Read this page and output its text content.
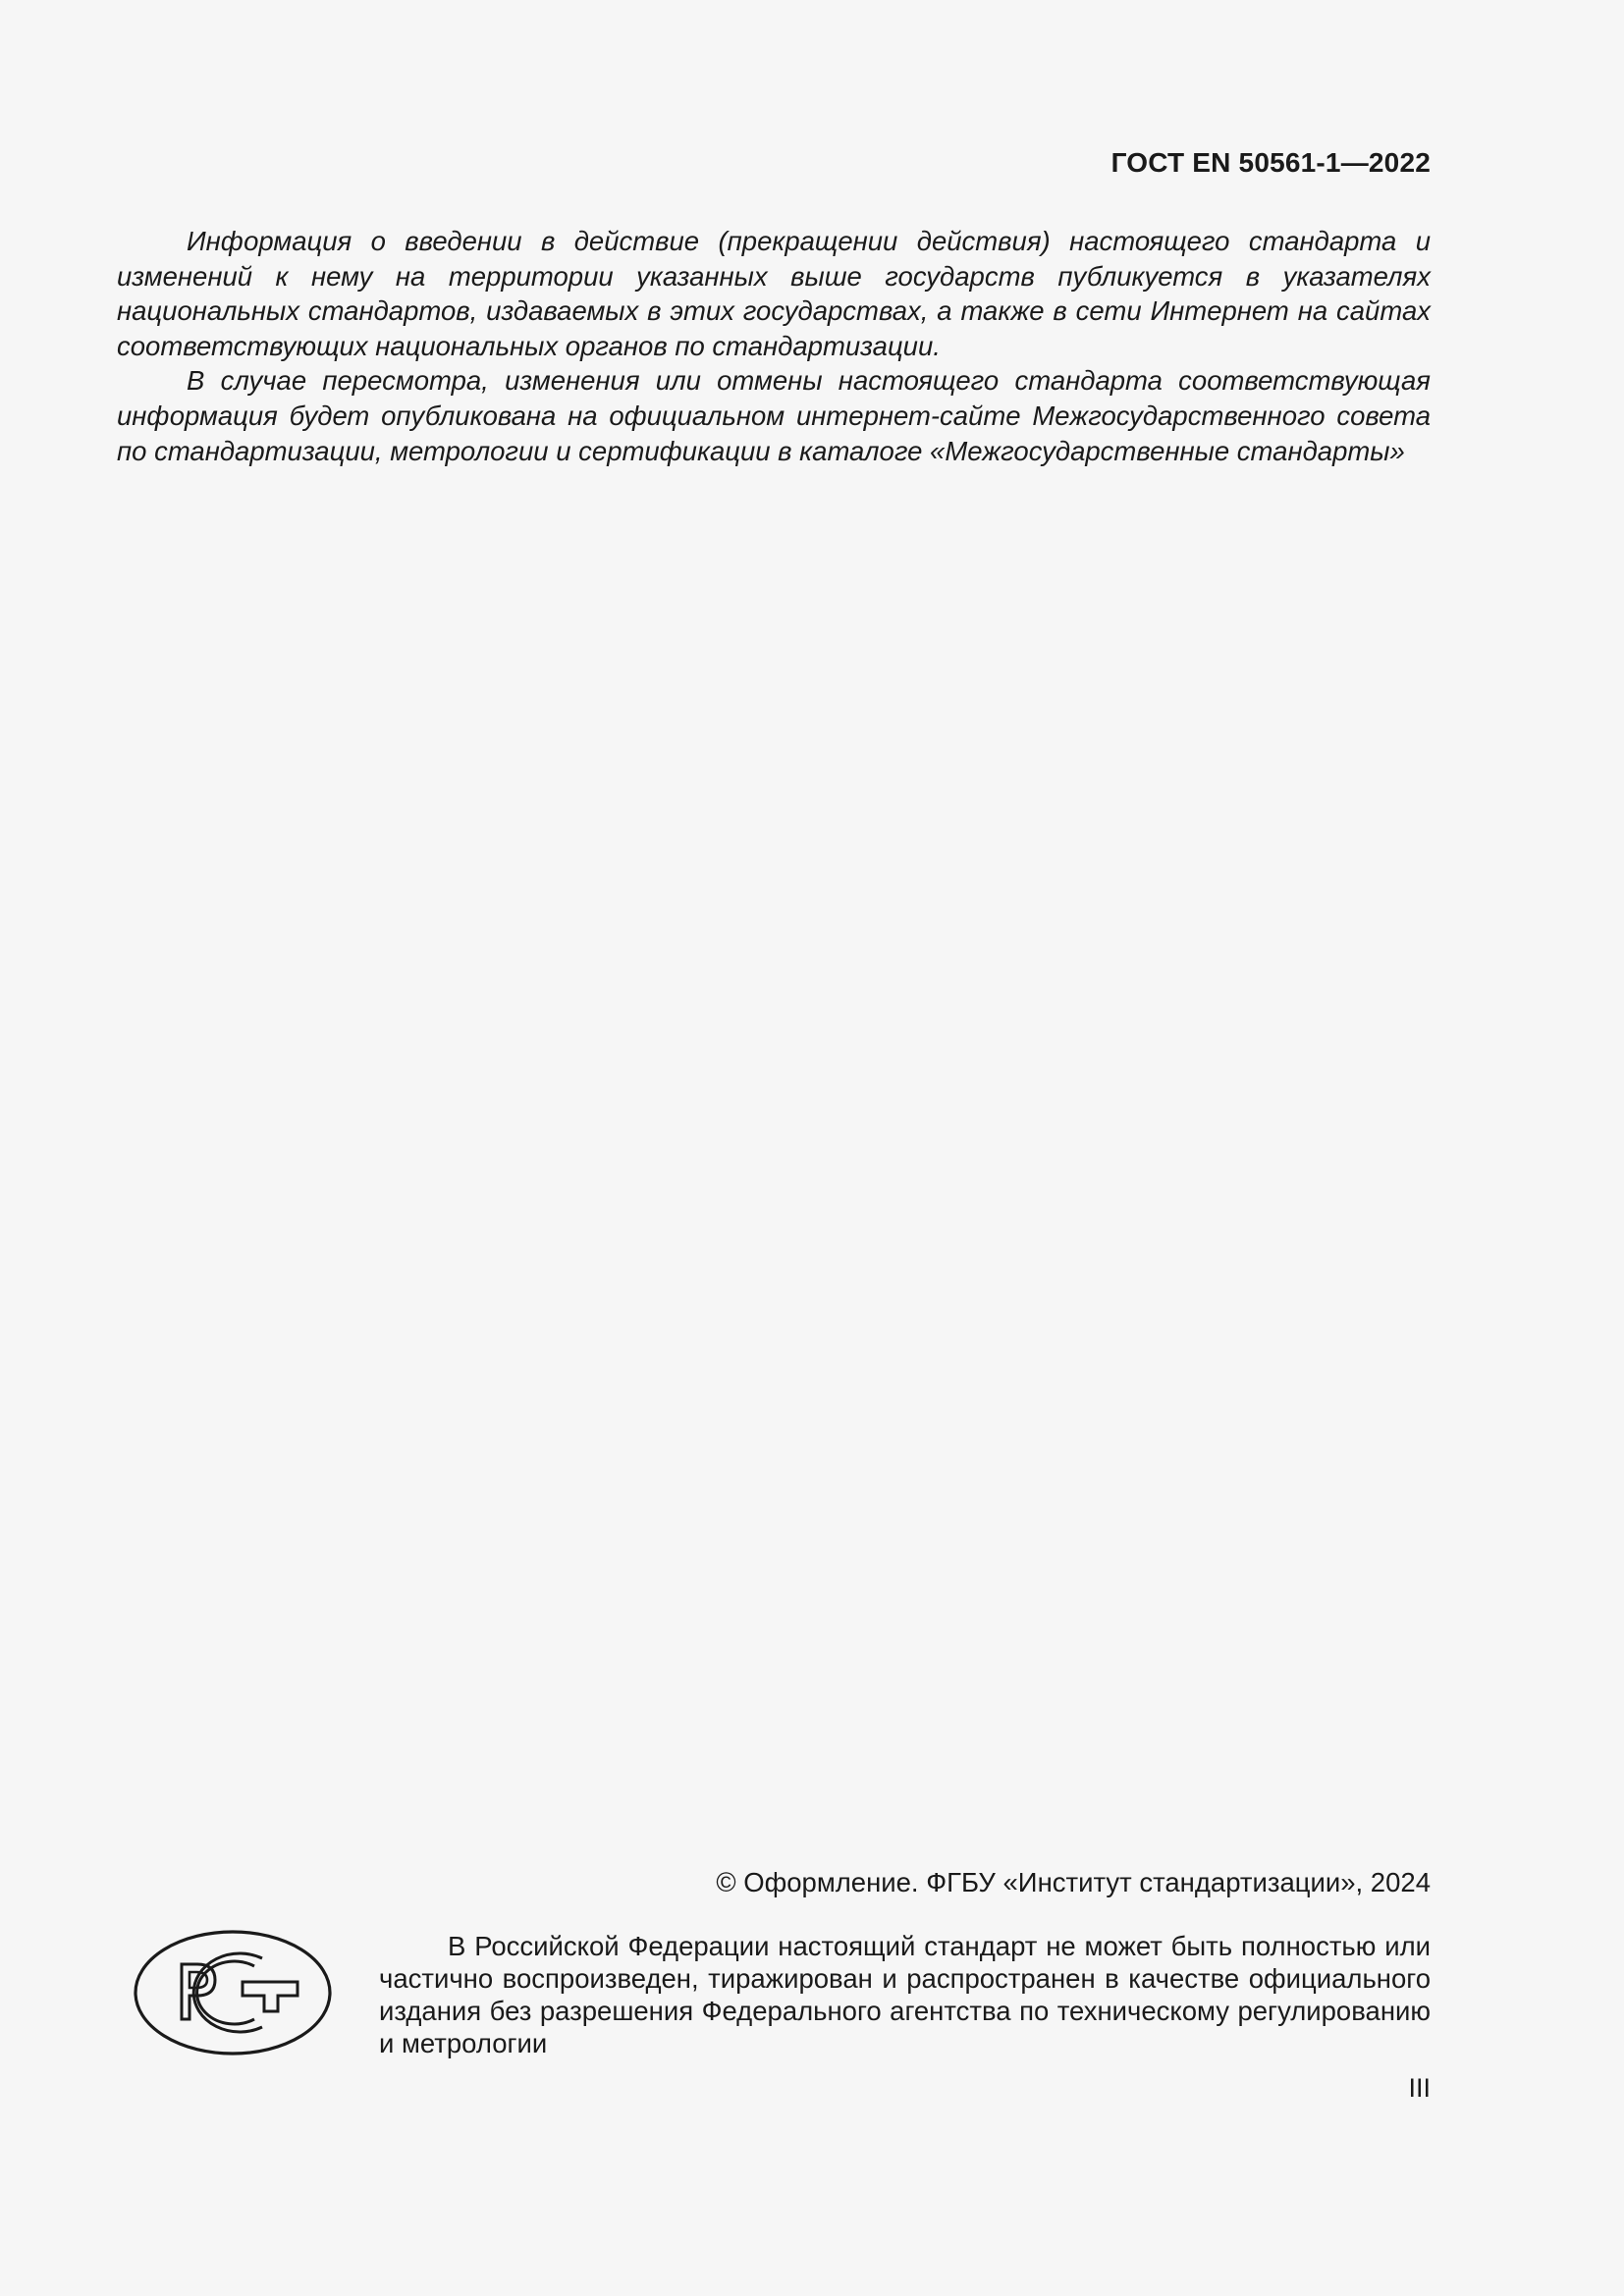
ГОСТ EN 50561-1—2022

Информация о введении в действие (прекращении действия) настоящего стандарта и изменений к нему на территории указанных выше государств публикуется в указателях национальных стандартов, издаваемых в этих государствах, а также в сети Интернет на сайтах соответствующих национальных органов по стандартизации.

В случае пересмотра, изменения или отмены настоящего стандарта соответствующая информация будет опубликована на официальном интернет-сайте Межгосударственного совета по стандартизации, метрологии и сертификации в каталоге «Межгосударственные стандарты»

© Оформление. ФГБУ «Институт стандартизации», 2024

В Российской Федерации настоящий стандарт не может быть полностью или частично воспроизведен, тиражирован и распространен в качестве официального издания без разрешения Федерального агентства по техническому регулированию и метрологии

III
